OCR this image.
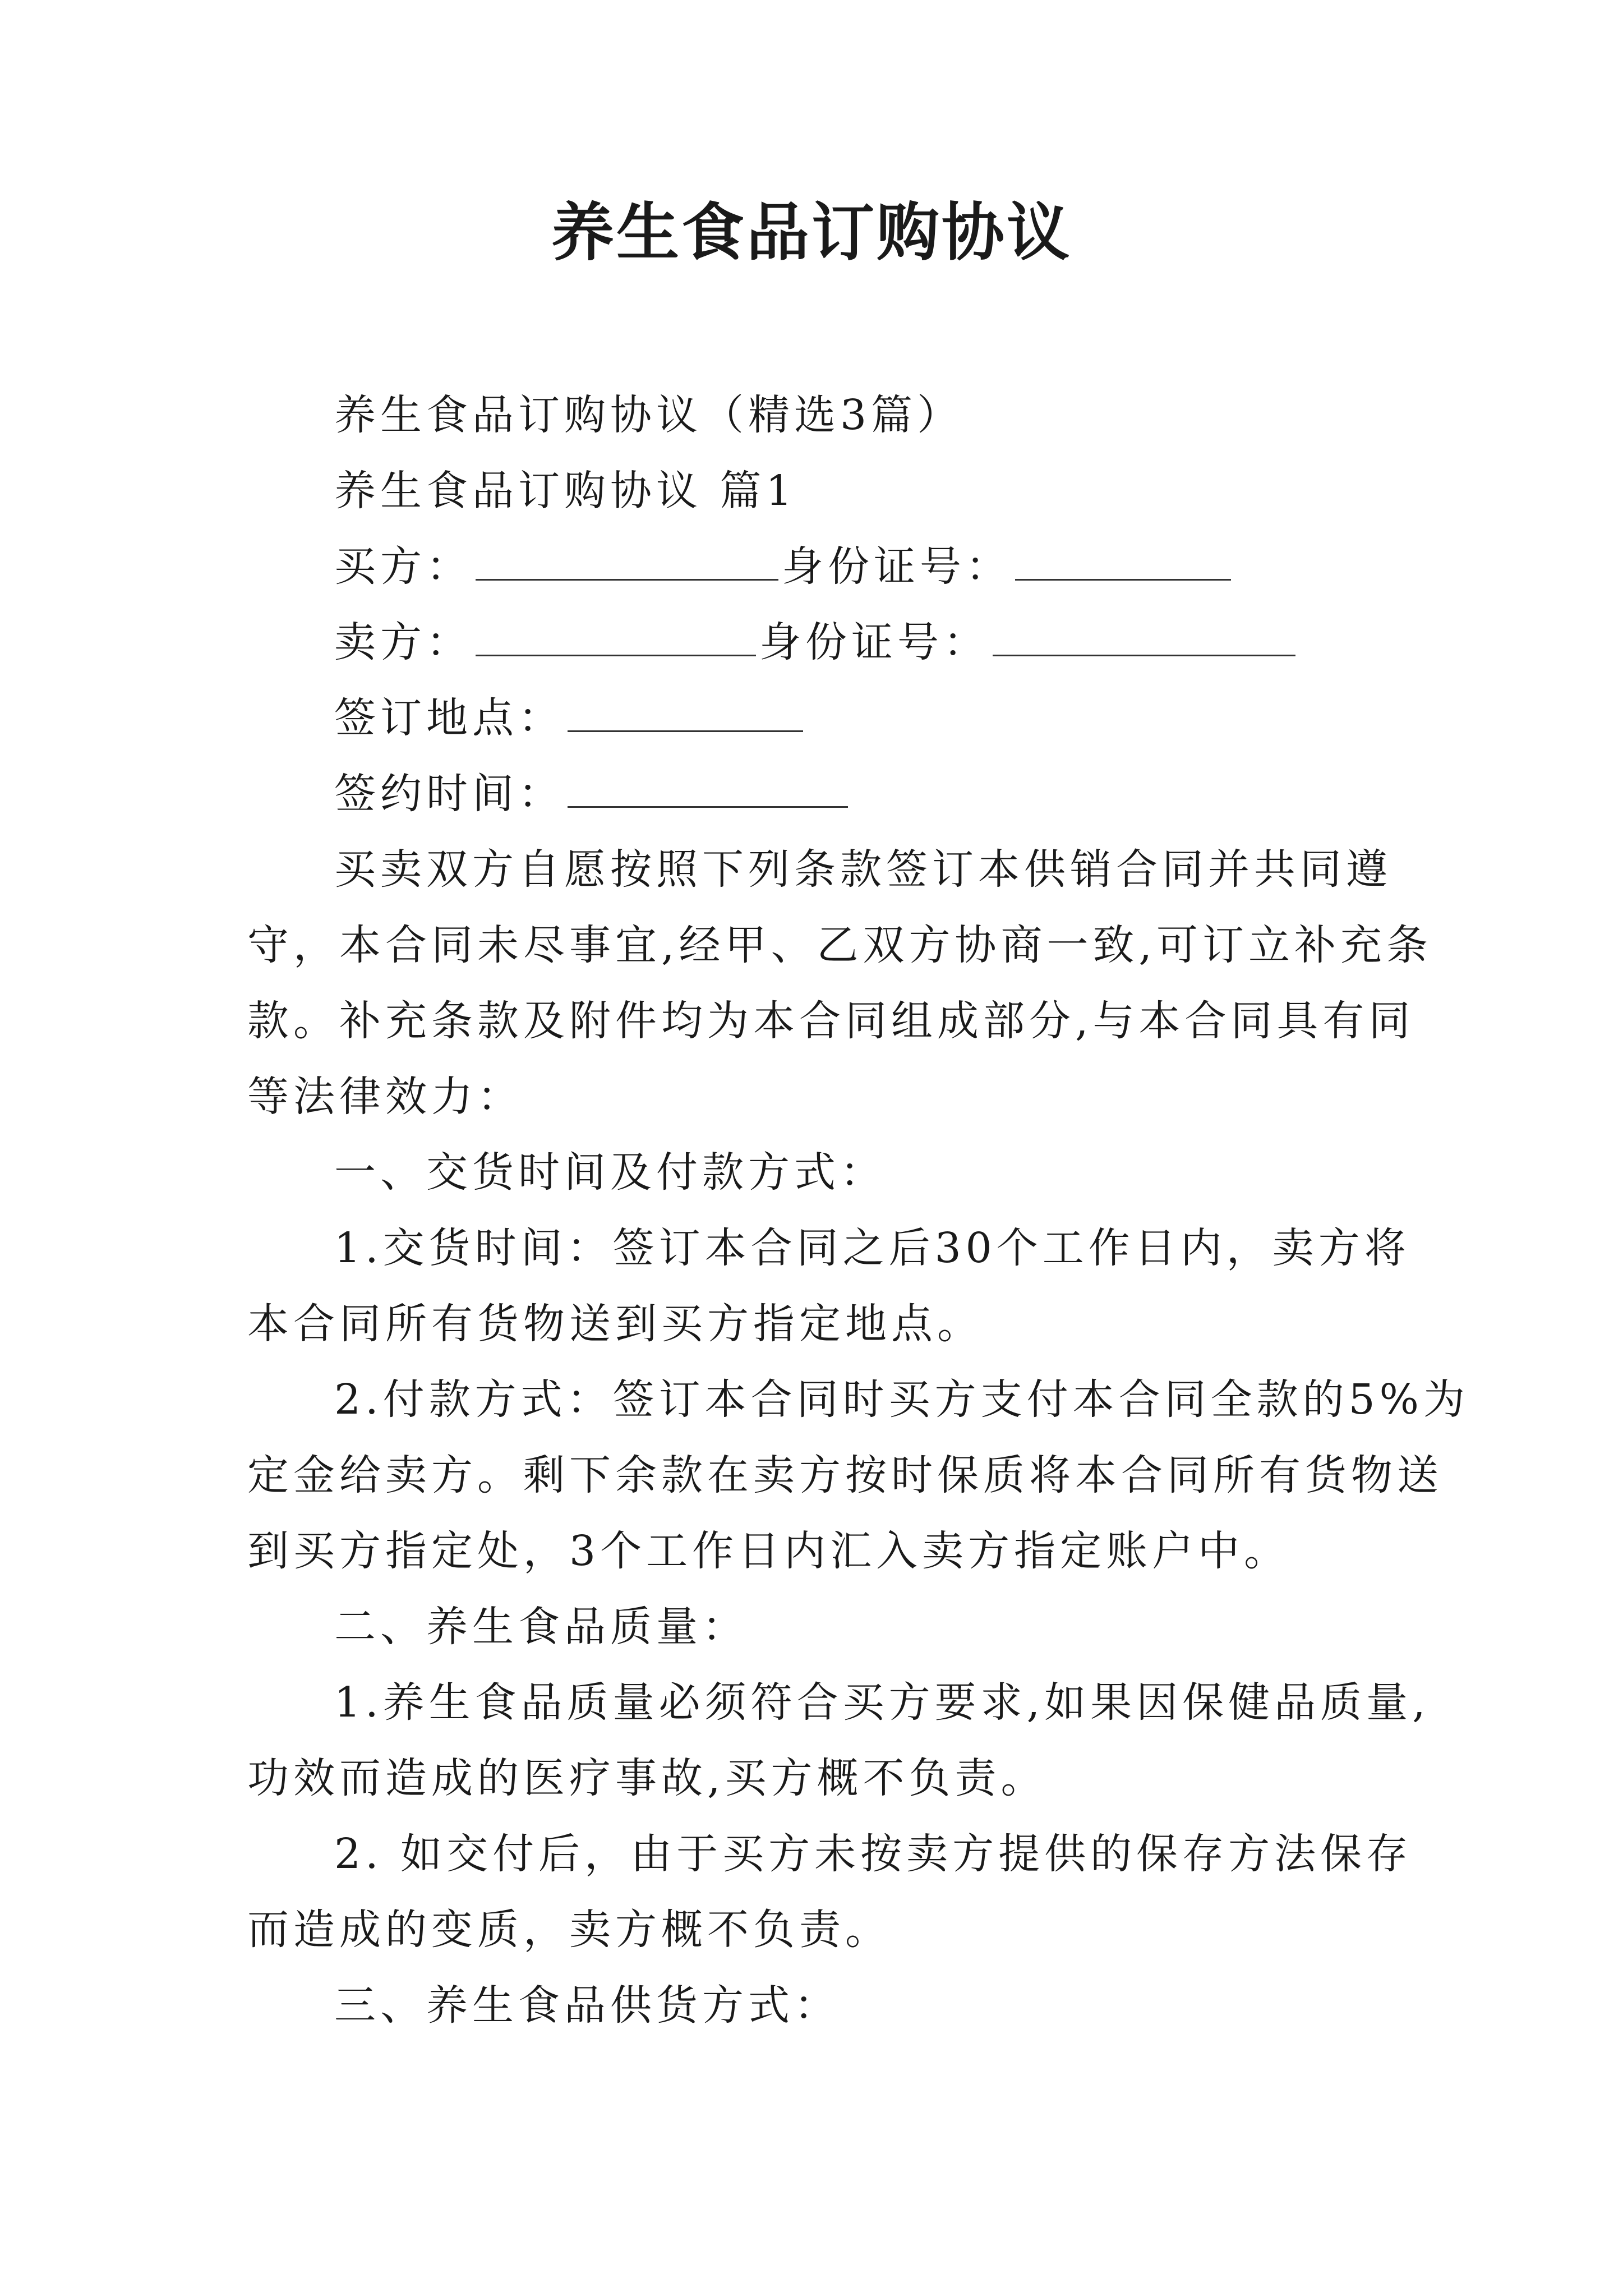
养生食品订购协议
养生食品订购协议（精选3篇）
养生食品订购协议 篇1
买方：	身份证号：
卖方：	身份证号：
签订地点：
签约时间：
买卖双方自愿按照下列条款签订本供销合同并共同遵
守，本合同未尽事宜,经甲、乙双方协商一致,可订立补充条
款。补充条款及附件均为本合同组成部分,与本合同具有同
等法律效力：
一、交货时间及付款方式：
1.交货时间：签订本合同之后30个工作日内，卖方将
本合同所有货物送到买方指定地点。
2.付款方式：签订本合同时买方支付本合同全款的5%为
定金给卖方。剩下余款在卖方按时保质将本合同所有货物送
到买方指定处，3个工作日内汇入卖方指定账户中。
二、养生食品质量：
1.养生食品质量必须符合买方要求,如果因保健品质量,
功效而造成的医疗事故,买方概不负责。
2. 如交付后，由于买方未按卖方提供的保存方法保存
而造成的变质，卖方概不负责。
三、养生食品供货方式：
